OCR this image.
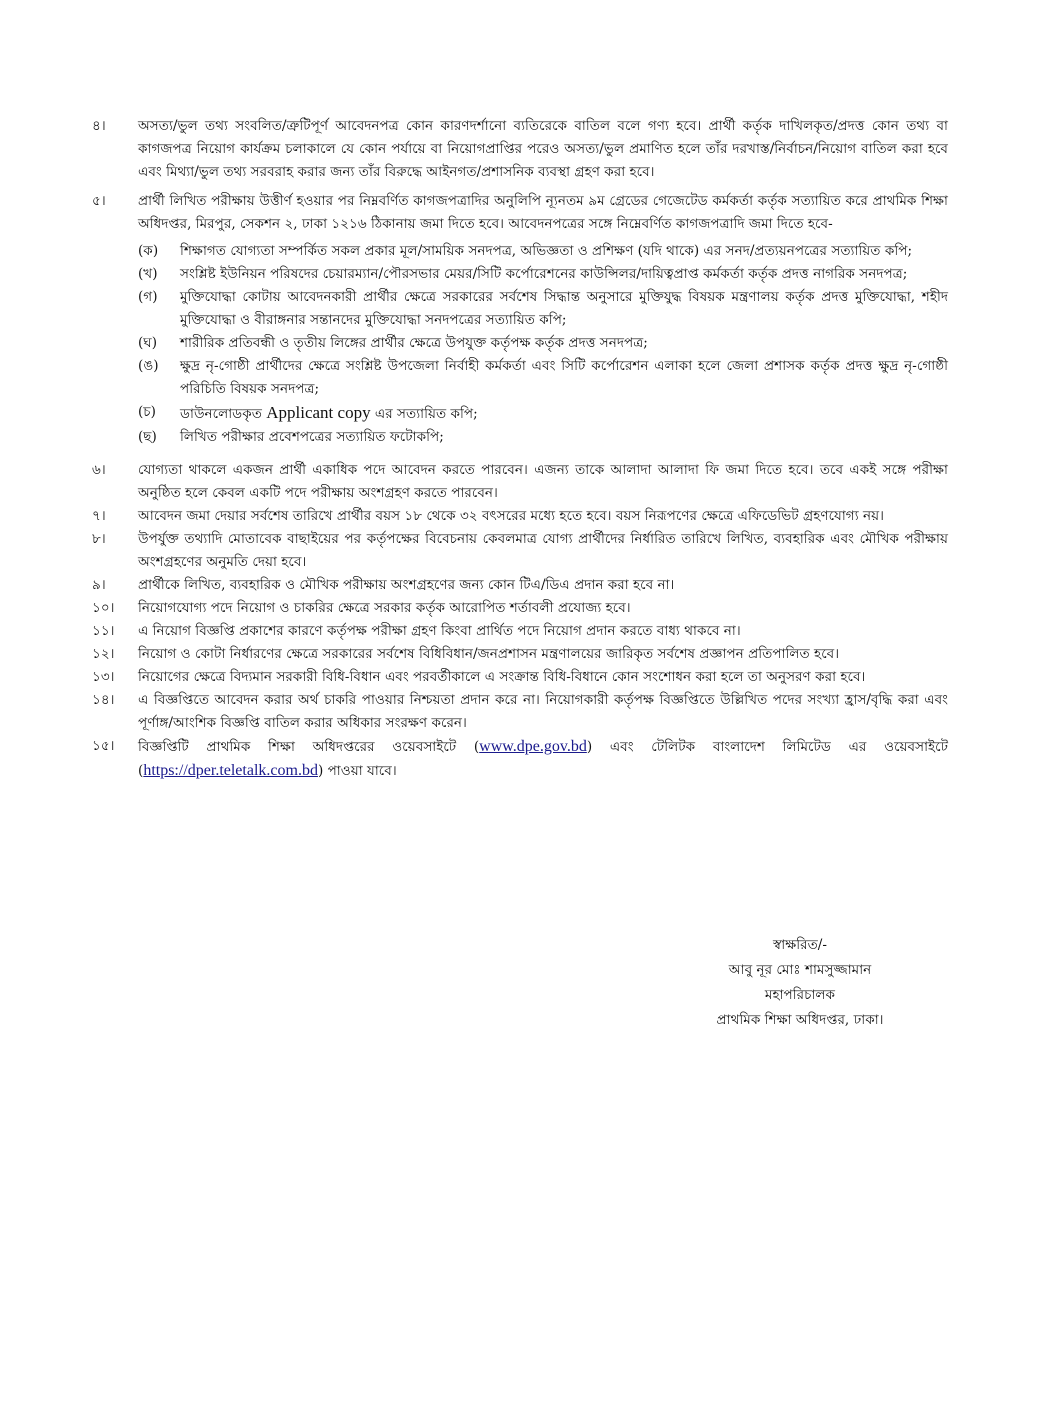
৪।	অসত্য/ভুল তথ্য সংবলিত/ত্রুটিপূর্ণ আবেদনপত্র কোন কারণদর্শানো ব্যতিরেকে বাতিল বলে গণ্য হবে। প্রার্থী কর্তৃক দাখিলকৃত/প্রদত্ত কোন তথ্য বা কাগজপত্র নিয়োগ কার্যক্রম চলাকালে যে কোন পর্যায়ে বা নিয়োগপ্রাপ্তির পরেও অসত্য/ভুল প্রমাণিত হলে তাঁর দরখাস্ত/নির্বাচন/নিয়োগ বাতিল করা হবে এবং মিথ্যা/ভুল তথ্য সরবরাহ করার জন্য তাঁর বিরুদ্ধে আইনগত/প্রশাসনিক ব্যবস্থা গ্রহণ করা হবে।
৫।	প্রার্থী লিখিত পরীক্ষায় উত্তীর্ণ হওয়ার পর নিম্নবর্ণিত কাগজপত্রাদির অনুলিপি ন্যূনতম ৯ম গ্রেডের গেজেটেড কর্মকর্তা কর্তৃক সত্যায়িত করে প্রাথমিক শিক্ষা অধিদপ্তর, মিরপুর, সেকশন ২, ঢাকা ১২১৬ ঠিকানায় জমা দিতে হবে। আবেদনপত্রের সঙ্গে নিম্নেবর্ণিত কাগজপত্রাদি জমা দিতে হবে-
(ক)	শিক্ষাগত যোগ্যতা সম্পর্কিত সকল প্রকার মূল/সাময়িক সনদপত্র, অভিজ্ঞতা ও প্রশিক্ষণ (যদি থাকে) এর সনদ/প্রত্যয়নপত্রের সত্যায়িত কপি;
(খ)	সংশ্লিষ্ট ইউনিয়ন পরিষদের চেয়ারম্যান/পৌরসভার মেয়র/সিটি কর্পোরেশনের কাউন্সিলর/দায়িত্বপ্রাপ্ত কর্মকর্তা কর্তৃক প্রদত্ত নাগরিক সনদপত্র;
(গ)	মুক্তিযোদ্ধা কোটায় আবেদনকারী প্রার্থীর ক্ষেত্রে সরকারের সর্বশেষ সিদ্ধান্ত অনুসারে মুক্তিযুদ্ধ বিষয়ক মন্ত্রণালয় কর্তৃক প্রদত্ত মুক্তিযোদ্ধা, শহীদ মুক্তিযোদ্ধা ও বীরাঙ্গনার সন্তানদের মুক্তিযোদ্ধা সনদপত্রের সত্যায়িত কপি;
(ঘ)	শারীরিক প্রতিবন্ধী ও তৃতীয় লিঙ্গের প্রার্থীর ক্ষেত্রে উপযুক্ত কর্তৃপক্ষ কর্তৃক প্রদত্ত সনদপত্র;
(ঙ)	ক্ষুদ্র নৃ-গোষ্ঠী প্রার্থীদের ক্ষেত্রে সংশ্লিষ্ট উপজেলা নির্বাহী কর্মকর্তা এবং সিটি কর্পোরেশন এলাকা হলে জেলা প্রশাসক কর্তৃক প্রদত্ত ক্ষুদ্র নৃ-গোষ্ঠী পরিচিতি বিষয়ক সনদপত্র;
(চ)	ডাউনলোডকৃত Applicant copy এর সত্যায়িত কপি;
(ছ)	লিখিত পরীক্ষার প্রবেশপত্রের সত্যায়িত ফটোকপি;
৬।	যোগ্যতা থাকলে একজন প্রার্থী একাধিক পদে আবেদন করতে পারবেন। এজন্য তাকে আলাদা আলাদা ফি জমা দিতে হবে। তবে একই সঙ্গে পরীক্ষা অনুষ্ঠিত হলে কেবল একটি পদে পরীক্ষায় অংশগ্রহণ করতে পারবেন।
৭।	আবেদন জমা দেয়ার সর্বশেষ তারিখে প্রার্থীর বয়স ১৮ থেকে ৩২ বৎসরের মধ্যে হতে হবে। বয়স নিরূপণের ক্ষেত্রে এফিডেভিট গ্রহণযোগ্য নয়।
৮।	উপর্যুক্ত তথ্যাদি মোতাবেক বাছাইয়ের পর কর্তৃপক্ষের বিবেচনায় কেবলমাত্র যোগ্য প্রার্থীদের নির্ধারিত তারিখে লিখিত, ব্যবহারিক এবং মৌখিক পরীক্ষায় অংশগ্রহণের অনুমতি দেয়া হবে।
৯।	প্রার্থীকে লিখিত, ব্যবহারিক ও মৌখিক পরীক্ষায় অংশগ্রহণের জন্য কোন টিএ/ডিএ প্রদান করা হবে না।
১০।	নিয়োগযোগ্য পদে নিয়োগ ও চাকরির ক্ষেত্রে সরকার কর্তৃক আরোপিত শর্তাবলী প্রযোজ্য হবে।
১১।	এ নিয়োগ বিজ্ঞপ্তি প্রকাশের কারণে কর্তৃপক্ষ পরীক্ষা গ্রহণ কিংবা প্রার্থিত পদে নিয়োগ প্রদান করতে বাধ্য থাকবে না।
১২।	নিয়োগ ও কোটা নির্ধারণের ক্ষেত্রে সরকারের সর্বশেষ বিধিবিধান/জনপ্রশাসন মন্ত্রণালয়ের জারিকৃত সর্বশেষ প্রজ্ঞাপন প্রতিপালিত হবে।
১৩।	নিয়োগের ক্ষেত্রে বিদ্যমান সরকারী বিধি-বিধান এবং পরবর্তীকালে এ সংক্রান্ত বিধি-বিধানে কোন সংশোধন করা হলে তা অনুসরণ করা হবে।
১৪।	এ বিজ্ঞপ্তিতে আবেদন করার অর্থ চাকরি পাওয়ার নিশ্চয়তা প্রদান করে না। নিয়োগকারী কর্তৃপক্ষ বিজ্ঞপ্তিতে উল্লিখিত পদের সংখ্যা হ্রাস/বৃদ্ধি করা এবং পূর্ণাঙ্গ/আংশিক বিজ্ঞপ্তি বাতিল করার অধিকার সংরক্ষণ করেন।
১৫।	বিজ্ঞপ্তিটি প্রাথমিক শিক্ষা অধিদপ্তরের ওয়েবসাইটে (www.dpe.gov.bd) এবং টেলিটক বাংলাদেশ লিমিটেড এর ওয়েবসাইটে (https://dper.teletalk.com.bd) পাওয়া যাবে।
স্বাক্ষরিত/-
আবু নূর মোঃ শামসুজ্জামান
মহাপরিচালক
প্রাথমিক শিক্ষা অধিদপ্তর, ঢাকা।
